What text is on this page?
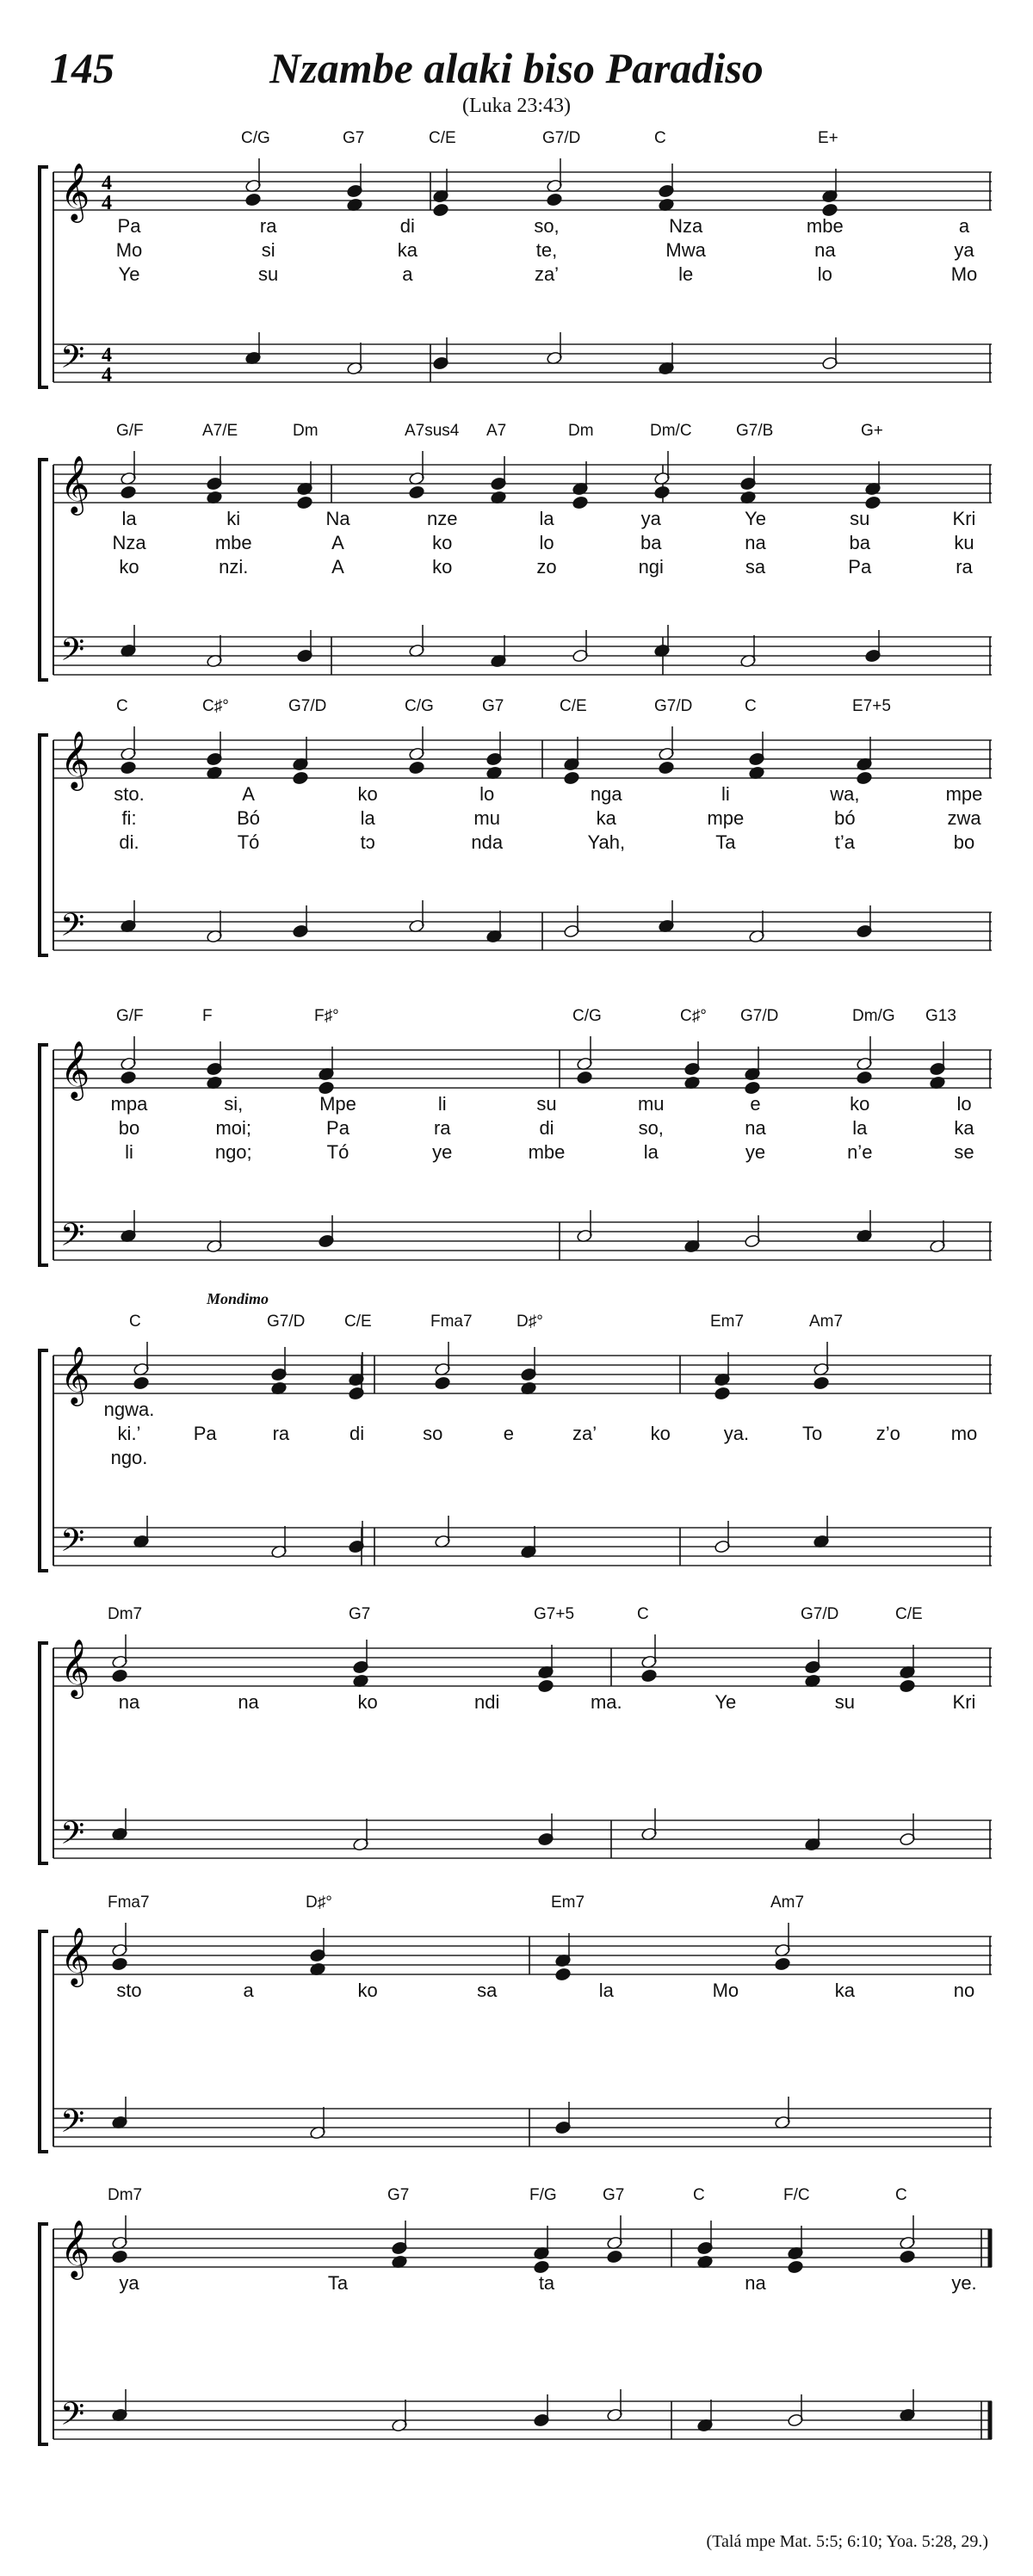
145	Nzambe alaki biso Paradiso
(Luka 23:43)
𝄞
𝄢
4
4
4
4
C/G	G7	C/E	G7/D	C	E+
Pa	ra	di	so,	Nza	mbe	a
Mo	si	ka	te,	Mwa	na	ya
Ye	su	a	za’	le	lo	Mo
𝄞
𝄢
G/F	A7/E	Dm	A7sus4 A7	Dm	Dm/C	G7/B	G+
la	ki	Na	nze	la	ya	Ye	su	Kri
Nza	mbe	A	ko	lo	ba	na	ba	ku
ko	nzi.	A	ko	zo	ngi	sa	Pa	ra
𝄞
𝄢
C	C♯°	G7/D	C/G	G7	C/E	G7/D	C	E7+5
sto.	A	ko	lo	nga	li	wa,	mpe
fi:	Bó	la	mu	ka	mpe	bó	zwa
di.	Tó	tɔ	nda	Yah,	Ta	t’a	bo
𝄞
𝄢
G/F	F	F♯°	C/G	C♯° G7/D	Dm/G G13
mpa	si,	Mpe	li	su	mu	e	ko	lo
bo	moi;	Pa	ra	di	so,	na	la	ka
li	ngo;	Tó	ye	mbe	la	ye	n’e	se
𝄞
𝄢
C	G7/D C/E	Fma7	D♯°	Em7	Am7
Mondimo
ngwa.
ki.’	Pa	ra	di	so	e	za’	ko	ya.	To	z’o	mo
ngo.
𝄞
𝄢
Dm7	G7	G7+5	C	G7/D	C/E
na	na	ko	ndi	ma.	Ye	su	Kri
𝄞
𝄢
Fma7	D♯°	Em7	Am7
sto	a	ko	sa	la	Mo	ka	no
𝄞
𝄢
Dm7	G7	F/G	G7	C	F/C	C
ya	Ta	ta	na	ye.
(Talá mpe Mat. 5:5; 6:10; Yoa. 5:28, 29.)
